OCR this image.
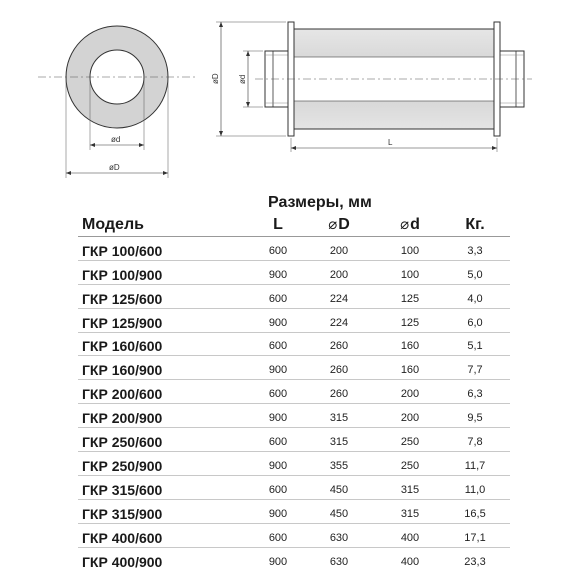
ød
øD
øD ød
L
Размеры, мм				
Модель	L	⌀D	⌀d	Кг.
ГКР 100/600	600	200	100	3,3
ГКР 100/900	900	200	100	5,0
ГКР 125/600	600	224	125	4,0
ГКР 125/900	900	224	125	6,0
ГКР 160/600	600	260	160	5,1
ГКР 160/900	900	260	160	7,7
ГКР 200/600	600	260	200	6,3
ГКР 200/900	900	315	200	9,5
ГКР 250/600	600	315	250	7,8
ГКР 250/900	900	355	250	11,7
ГКР 315/600	600	450	315	11,0
ГКР 315/900	900	450	315	16,5
ГКР 400/600	600	630	400	17,1
ГКР 400/900	900	630	400	23,3
